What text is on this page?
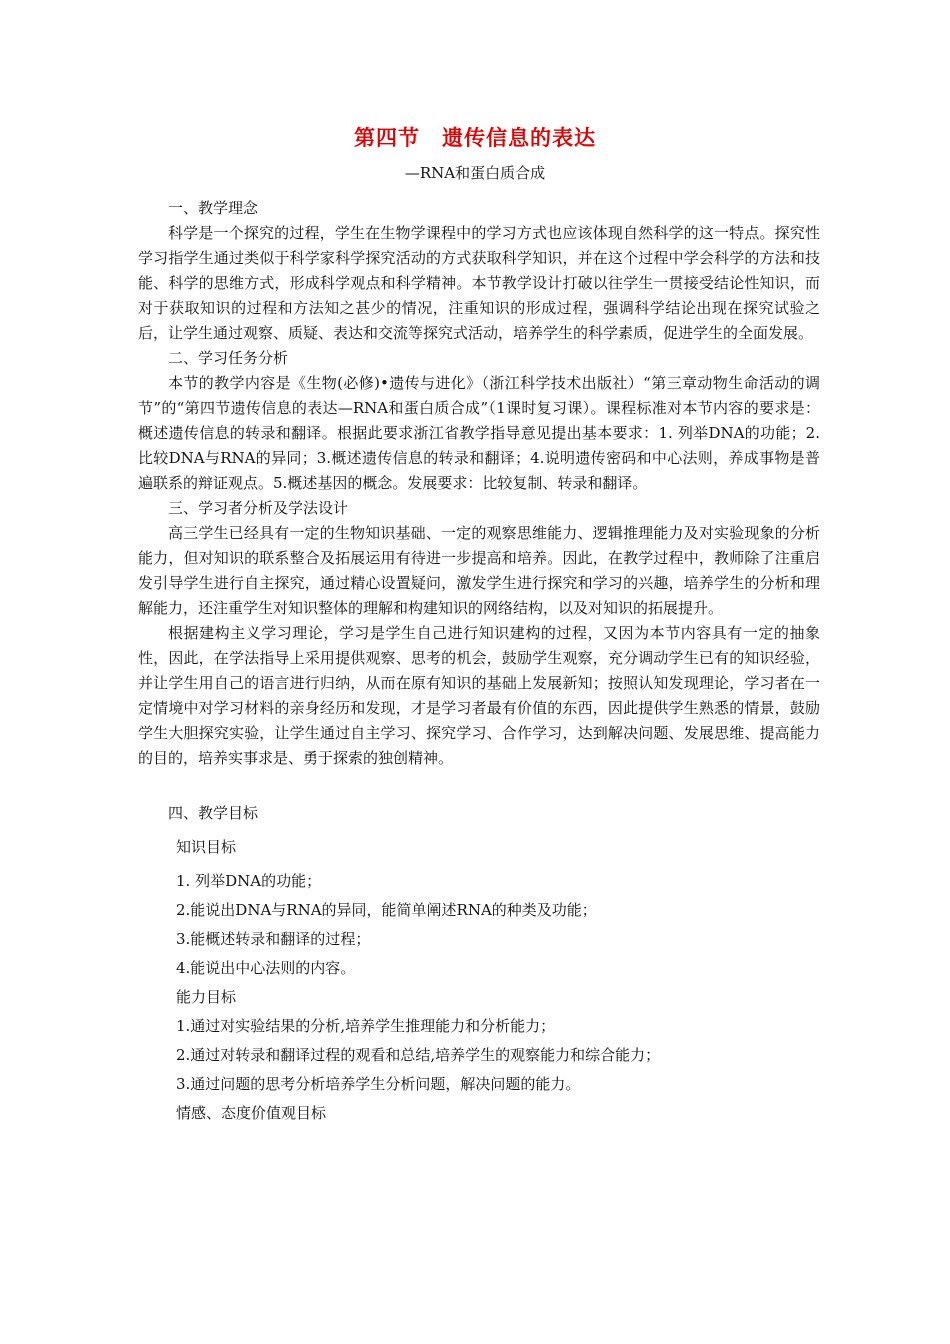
第四节　遗传信息的表达
—RNA和蛋白质合成
一、教学理念
科学是一个探究的过程，学生在生物学课程中的学习方式也应该体现自然科学的这一特点。探究性学习指学生通过类似于科学家科学探究活动的方式获取科学知识，并在这个过程中学会科学的方法和技能、科学的思维方式，形成科学观点和科学精神。本节教学设计打破以往学生一贯接受结论性知识，而对于获取知识的过程和方法知之甚少的情况，注重知识的形成过程，强调科学结论出现在探究试验之后，让学生通过观察、质疑、表达和交流等探究式活动，培养学生的科学素质，促进学生的全面发展。
二、学习任务分析
本节的教学内容是《生物(必修)•遗传与进化》（浙江科学技术出版社）“第三章动物生命活动的调节”的“第四节遗传信息的表达—RNA和蛋白质合成”（1课时复习课）。课程标准对本节内容的要求是：概述遗传信息的转录和翻译。根据此要求浙江省教学指导意见提出基本要求：1. 列举DNA的功能；2.比较DNA与RNA的异同；3.概述遗传信息的转录和翻译；4.说明遗传密码和中心法则，养成事物是普遍联系的辩证观点。5.概述基因的概念。发展要求：比较复制、转录和翻译。
三、学习者分析及学法设计
高三学生已经具有一定的生物知识基础、一定的观察思维能力、逻辑推理能力及对实验现象的分析能力，但对知识的联系整合及拓展运用有待进一步提高和培养。因此，在教学过程中，教师除了注重启发引导学生进行自主探究，通过精心设置疑问，激发学生进行探究和学习的兴趣，培养学生的分析和理解能力，还注重学生对知识整体的理解和构建知识的网络结构，以及对知识的拓展提升。
根据建构主义学习理论，学习是学生自己进行知识建构的过程，又因为本节内容具有一定的抽象性，因此，在学法指导上采用提供观察、思考的机会，鼓励学生观察，充分调动学生已有的知识经验，并让学生用自己的语言进行归纳，从而在原有知识的基础上发展新知；按照认知发现理论，学习者在一定情境中对学习材料的亲身经历和发现，才是学习者最有价值的东西，因此提供学生熟悉的情景，鼓励学生大胆探究实验，让学生通过自主学习、探究学习、合作学习，达到解决问题、发展思维、提高能力的目的，培养实事求是、勇于探索的独创精神。
四、教学目标
知识目标
1. 列举DNA的功能；
2.能说出DNA与RNA的异同，能简单阐述RNA的种类及功能；
3.能概述转录和翻译的过程；
4.能说出中心法则的内容。
能力目标
1.通过对实验结果的分析,培养学生推理能力和分析能力；
2.通过对转录和翻译过程的观看和总结,培养学生的观察能力和综合能力；
3.通过问题的思考分析培养学生分析问题，解决问题的能力。
情感、态度价值观目标
